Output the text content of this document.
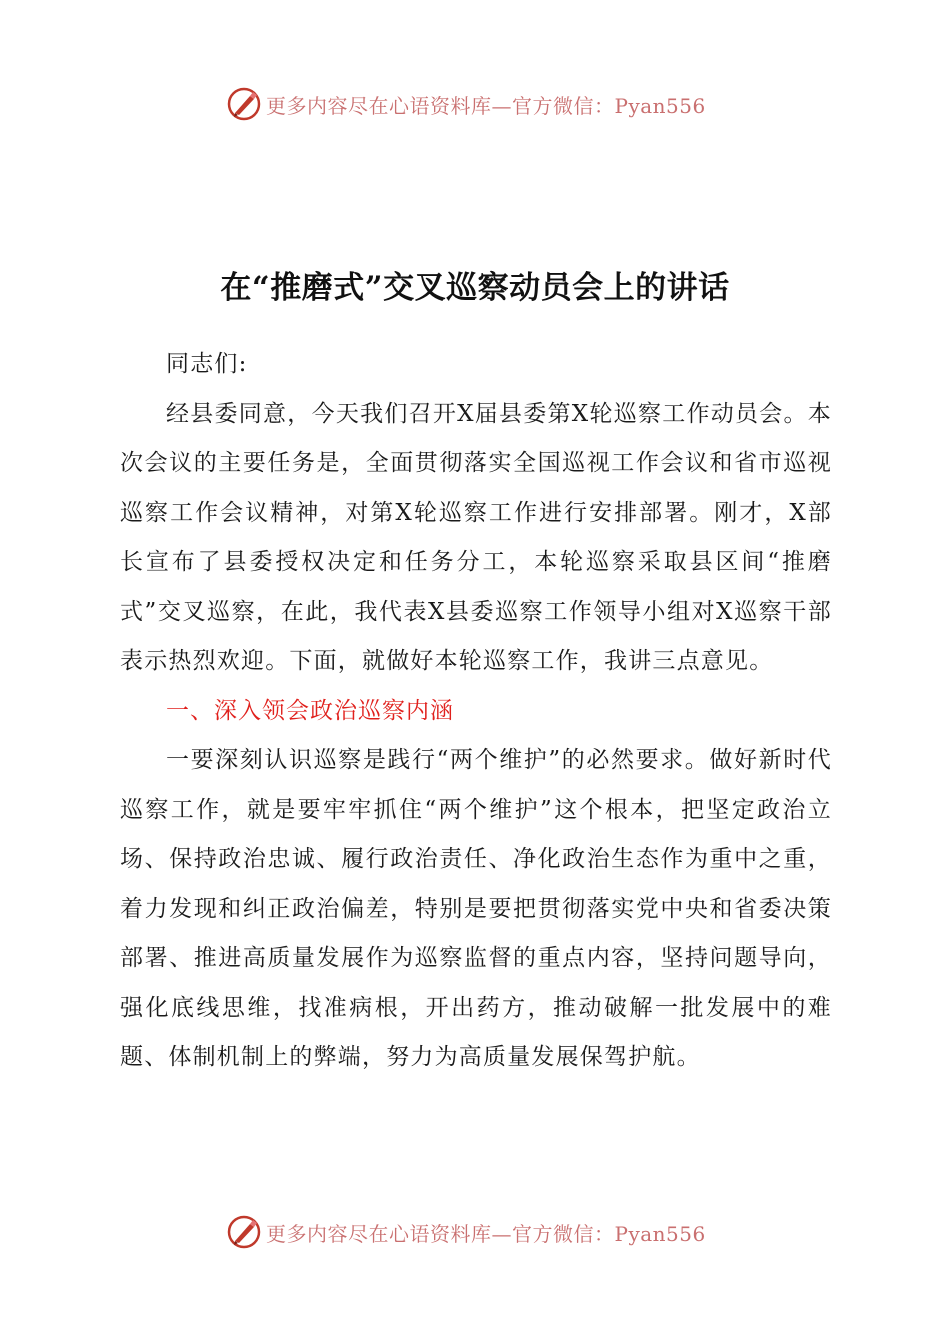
更多内容尽在心语资料库—官方微信：Pyan556
在“推磨式”交叉巡察动员会上的讲话

同志们:

经县委同意，今天我们召开X届县委第X轮巡察工作动员会。本次会议的主要任务是，全面贯彻落实全国巡视工作会议和省市巡视巡察工作会议精神，对第X轮巡察工作进行安排部署。刚才，X部长宣布了县委授权决定和任务分工，本轮巡察采取县区间“推磨式”交叉巡察，在此，我代表X县委巡察工作领导小组对X巡察干部表示热烈欢迎。下面，就做好本轮巡察工作，我讲三点意见。

一、深入领会政治巡察内涵

一要深刻认识巡察是践行“两个维护”的必然要求。做好新时代巡察工作，就是要牢牢抓住“两个维护”这个根本，把坚定政治立场、保持政治忠诚、履行政治责任、净化政治生态作为重中之重，着力发现和纠正政治偏差，特别是要把贯彻落实党中央和省委决策部署、推进高质量发展作为巡察监督的重点内容，坚持问题导向，强化底线思维，找准病根，开出药方，推动破解一批发展中的难题、体制机制上的弊端，努力为高质量发展保驾护航。

更多内容尽在心语资料库—官方微信：Pyan556
